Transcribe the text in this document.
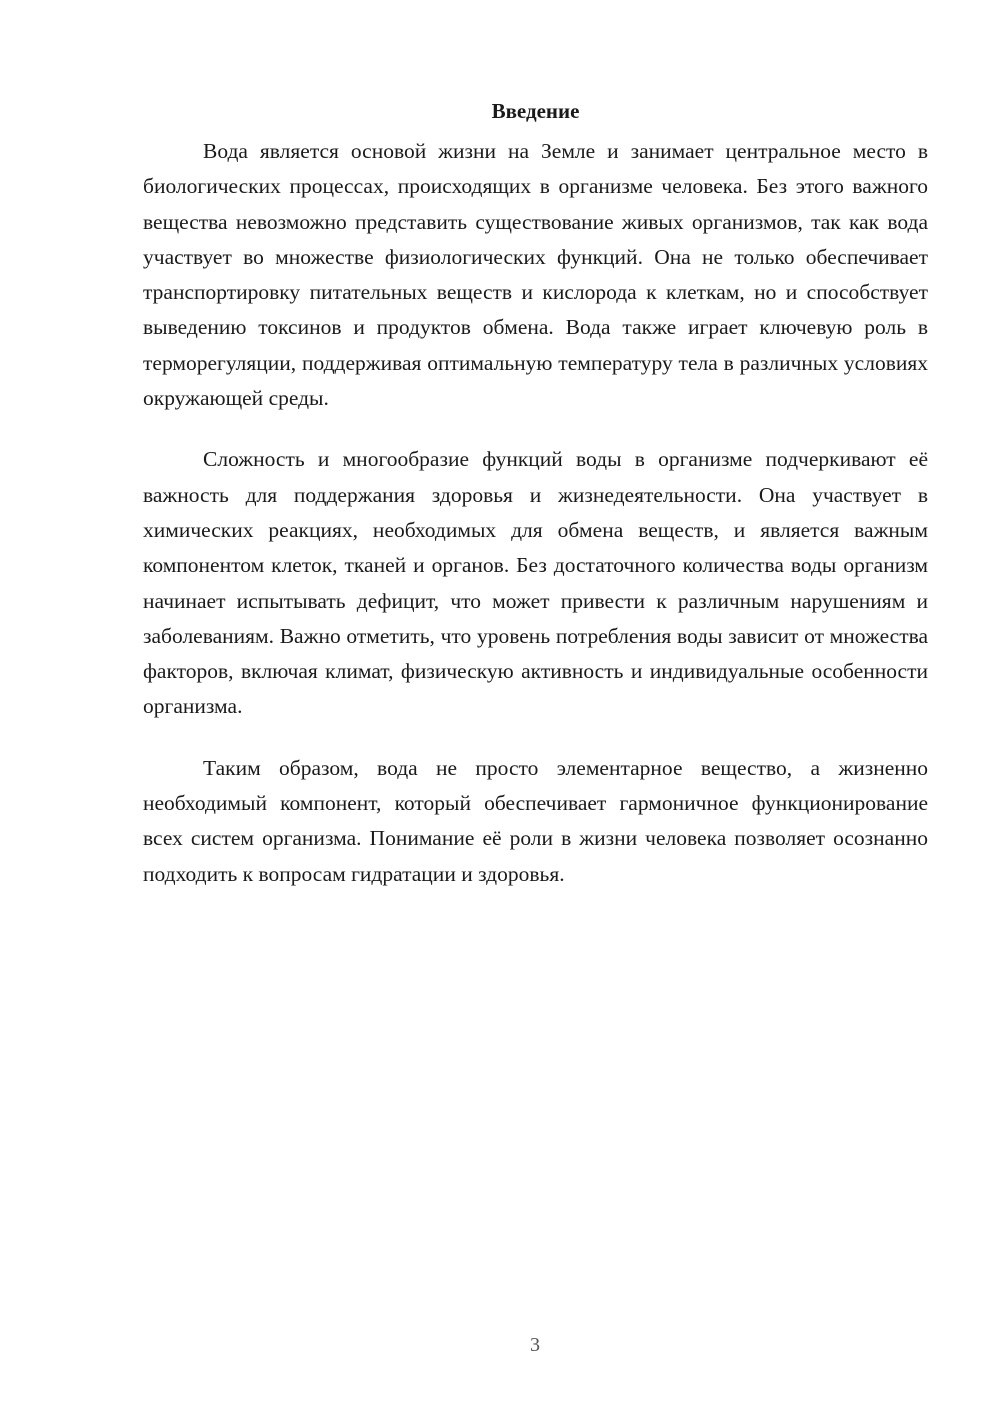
Введение

Вода является основой жизни на Земле и занимает центральное место в биологических процессах, происходящих в организме человека. Без этого важного вещества невозможно представить существование живых организмов, так как вода участвует во множестве физиологических функций. Она не только обеспечивает транспортировку питательных веществ и кислорода к клеткам, но и способствует выведению токсинов и продуктов обмена. Вода также играет ключевую роль в терморегуляции, поддерживая оптимальную температуру тела в различных условиях окружающей среды.

Сложность и многообразие функций воды в организме подчеркивают её важность для поддержания здоровья и жизнедеятельности. Она участвует в химических реакциях, необходимых для обмена веществ, и является важным компонентом клеток, тканей и органов. Без достаточного количества воды организм начинает испытывать дефицит, что может привести к различным нарушениям и заболеваниям. Важно отметить, что уровень потребления воды зависит от множества факторов, включая климат, физическую активность и индивидуальные особенности организма.

Таким образом, вода не просто элементарное вещество, а жизненно необходимый компонент, который обеспечивает гармоничное функционирование всех систем организма. Понимание её роли в жизни человека позволяет осознанно подходить к вопросам гидратации и здоровья.

3
